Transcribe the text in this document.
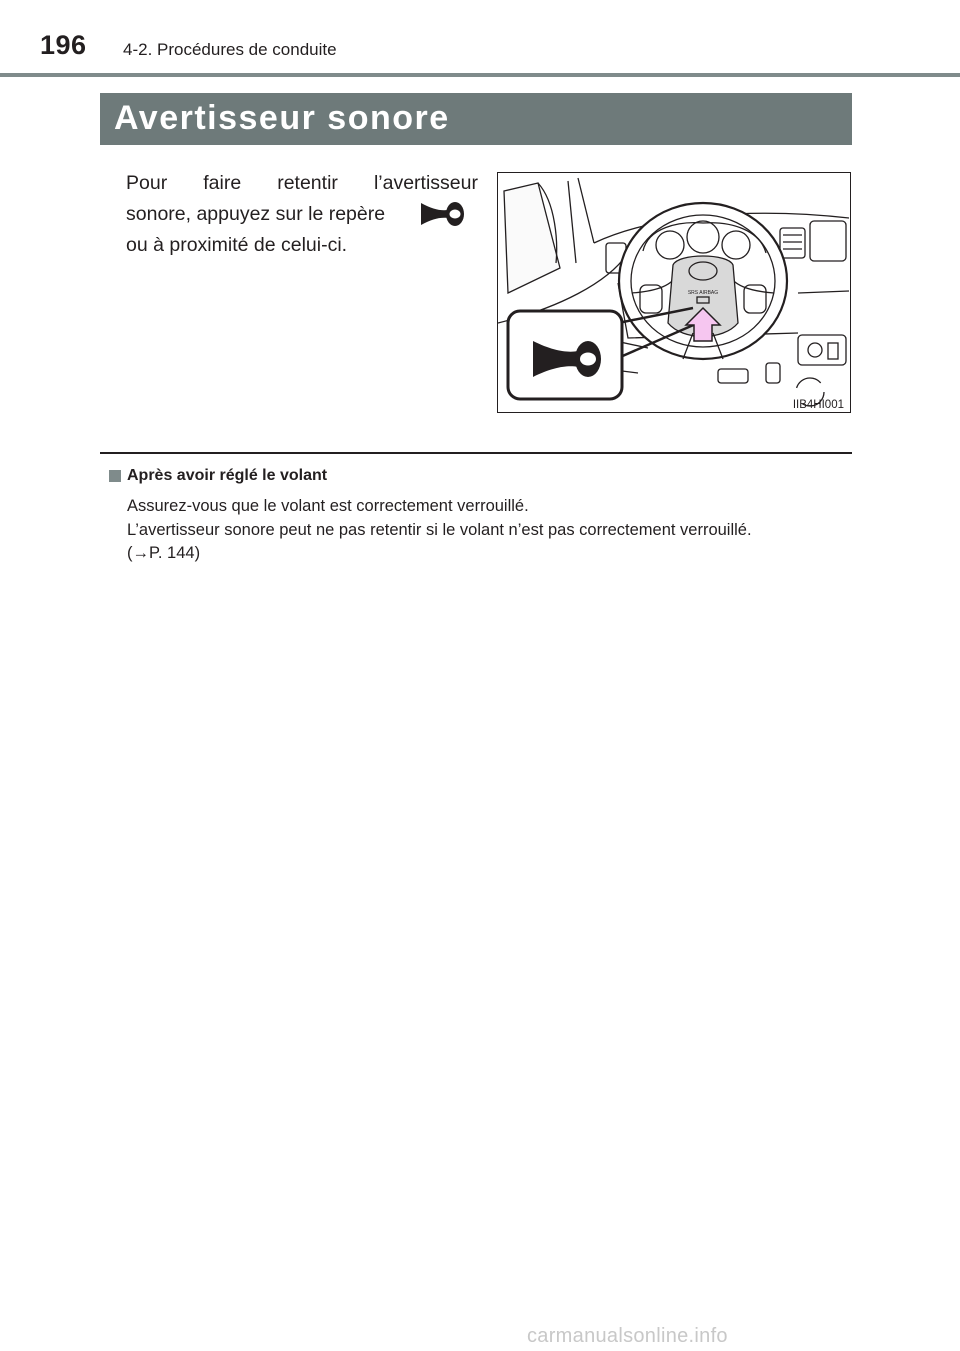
196 4-2. Procédures de conduite
Avertisseur sonore
Pour faire retentir l’avertisseur
sonore, appuyez sur le repère
ou à proximité de celui-ci.
SRS AIRBAG
IIB4HI001
Après avoir réglé le volant

Assurez-vous que le volant est correctement verrouillé.

L’avertisseur sonore peut ne pas retentir si le volant n’est pas correctement verrouillé.

(→P. 144)

carmanualsonline.info
